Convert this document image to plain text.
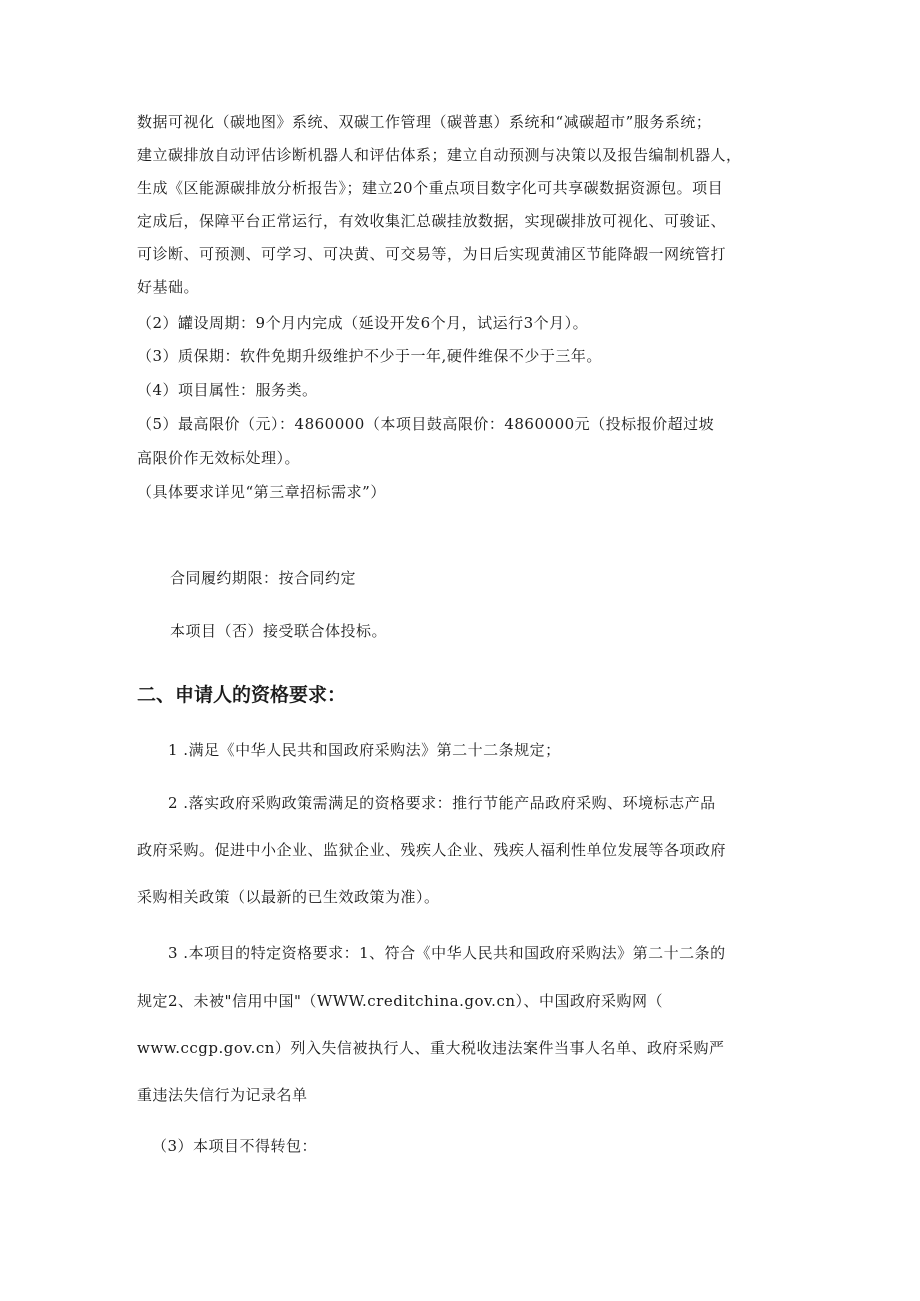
数据可视化（碳地图》系统、双碳工作管理（碳普惠）系统和“减碳超市”服务系统；
建立碳排放自动评估诊断机器人和评估体系；建立自动预测与决策以及报告编制机器人，
生成《区能源碳排放分析报告》；建立20个重点项目数字化可共享碳数据资源包。项目
定成后，保障平台正常运行，有效收集汇总碳挂放数据，实现碳排放可视化、可骏证、
可诊断、可预测、可学习、可决黄、可交易等，为日后实现黄浦区节能降嘏一网统管打
好基础。
（2）罐设周期：9个月内完成（延设开发6个月，试运行3个月）。
（3）质保期：软件免期升级维护不少于一年,硬件维保不少于三年。
（4）项目属性：服务类。
（5）最高限价（元）：4860000（本项目鼓高限价：4860000元（投标报价超过坡
高限价作无效标处理）。
（具体要求详见“第三章招标需求”）
合同履约期限：按合同约定
本项目（否）接受联合体投标。
二、申请人的资格要求：
1 .满足《中华人民共和国政府采购法》第二十二条规定；
2 .落实政府采购政策需满足的资格要求：推行节能产品政府采购、环境标志产品
政府采购。促进中小企业、监狱企业、残疾人企业、残疾人福利性单位发展等各项政府
采购相关政策（以最新的已生效政策为准）。
3 .本项目的特定资格要求：1、符合《中华人民共和国政府采购法》第二十二条的
规定2、未被"信用中国"（WWW.creditchina.gov.cn）、中国政府采购网（
www.ccgp.gov.cn）列入失信被执行人、重大税收违法案件当事人名单、政府采购严
重违法失信行为记录名单
（3）本项目不得转包：
